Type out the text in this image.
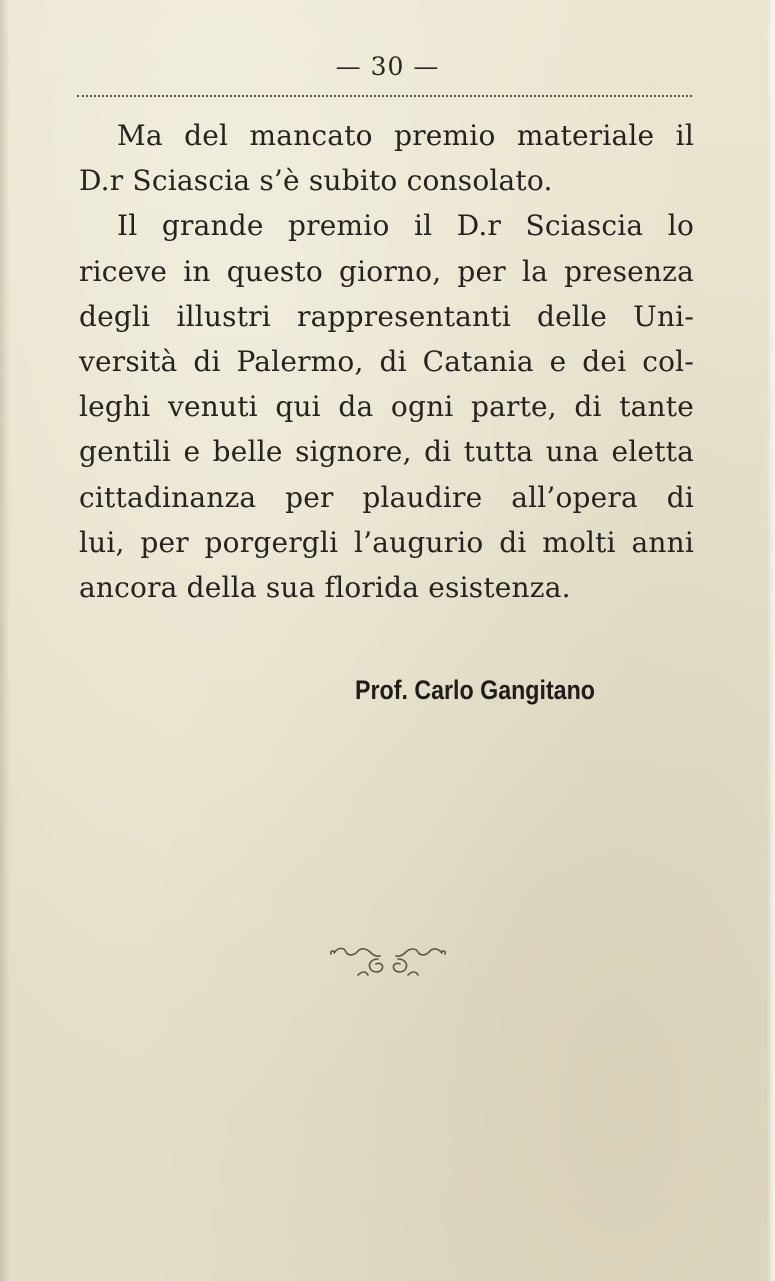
— 30 —
Ma del mancato premio materiale il
D.r Sciascia s’è subito consolato.
Il grande premio il D.r Sciascia lo
riceve in questo giorno, per la presenza
degli illustri rappresentanti delle Uni-
versità di Palermo, di Catania e dei col-
leghi venuti qui da ogni parte, di tante
gentili e belle signore, di tutta una eletta
cittadinanza per plaudire all’opera di
lui, per porgergli l’augurio di molti anni
ancora della sua florida esistenza.
Prof. Carlo Gangitano
